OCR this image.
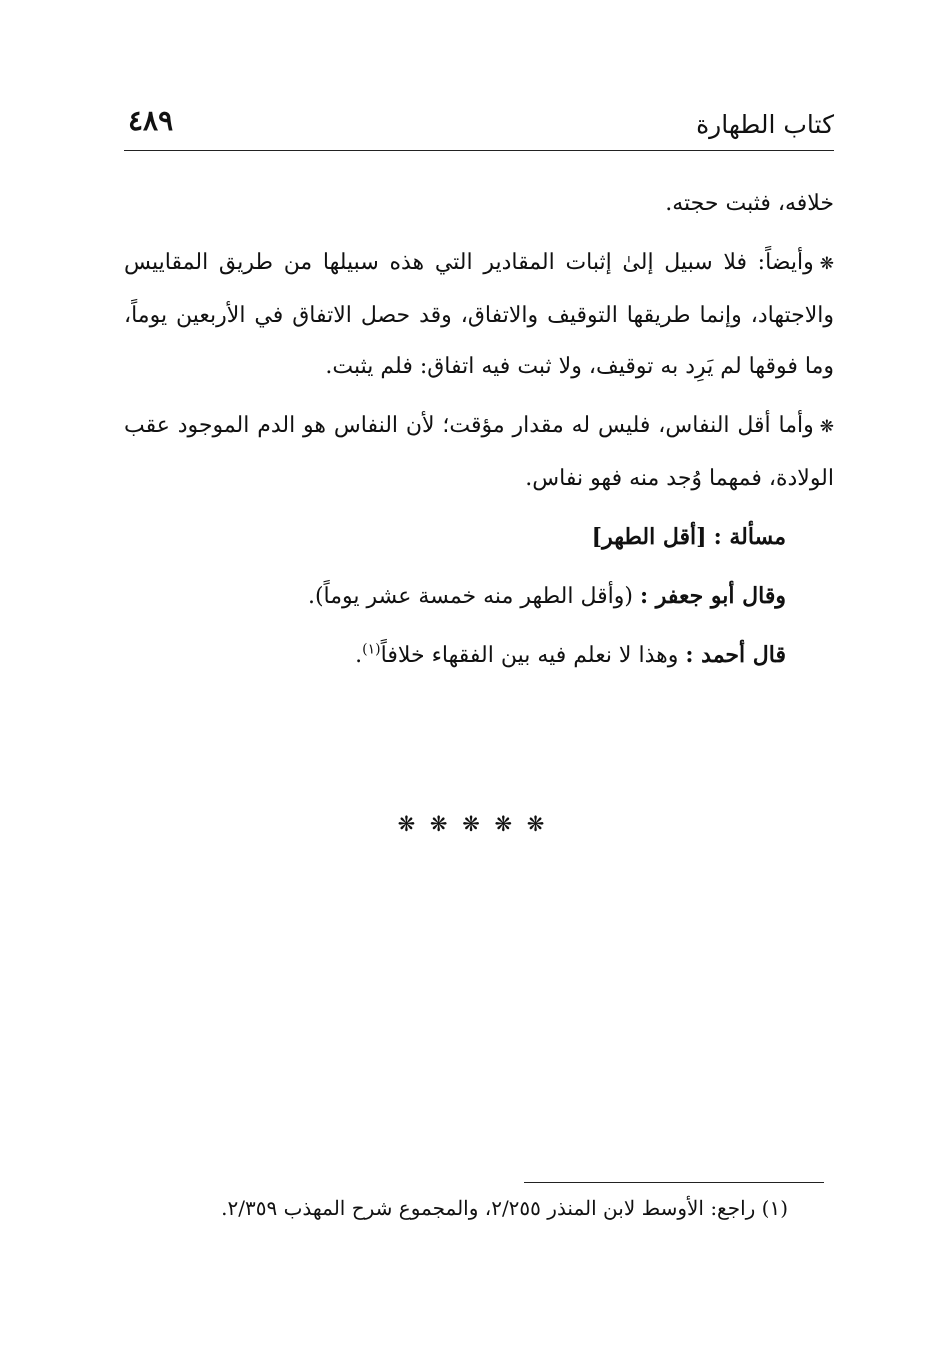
كتاب الطهارة
٤٨٩

خلافه، فثبت حجته.

❋وأيضاً: فلا سبيل إلىٰ إثبات المقادير التي هذه سبيلها من طريق المقاييس والاجتهاد، وإنما طريقها التوقيف والاتفاق، وقد حصل الاتفاق في الأربعين يوماً، وما فوقها لم يَرِد به توقيف، ولا ثبت فيه اتفاق: فلم يثبت.

❋وأما أقل النفاس، فليس له مقدار مؤقت؛ لأن النفاس هو الدم الموجود عقب الولادة، فمهما وُجد منه فهو نفاس.

مسألة : [أقل الطهر]

وقال أبو جعفر : (وأقل الطهر منه خمسة عشر يوماً).

قال أحمد : وهذا لا نعلم فيه بين الفقهاء خلافاً$^{(١)}$.

❋ ❋ ❋ ❋ ❋
(١) راجع: الأوسط لابن المنذر ٢/٢٥٥، والمجموع شرح المهذب ٢/٣٥٩.
